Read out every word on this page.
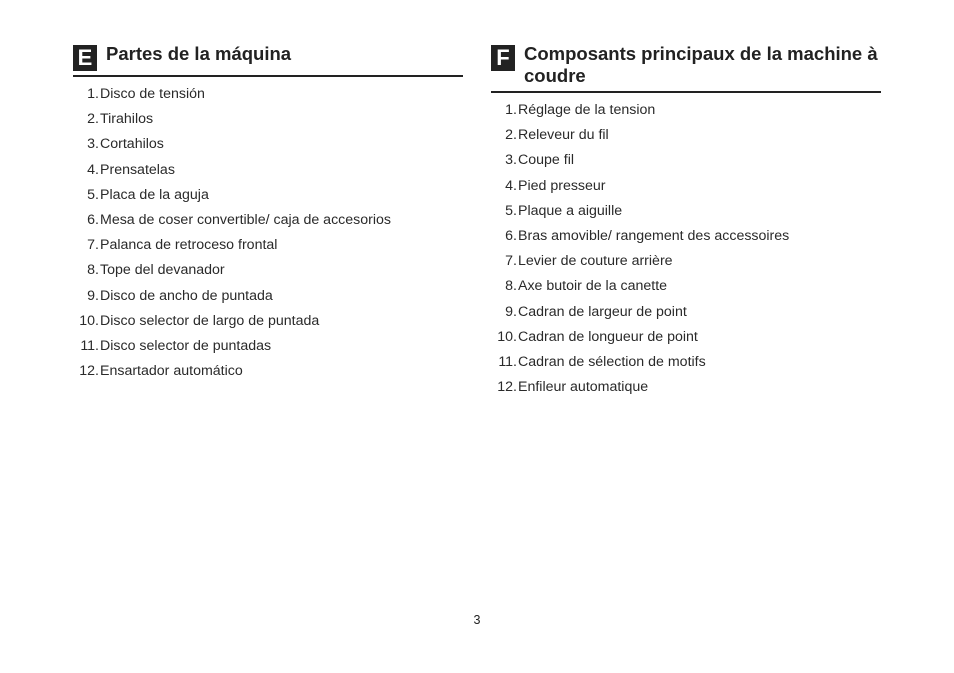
E Partes de la máquina
1. Disco de tensión
2. Tirahilos
3. Cortahilos
4. Prensatelas
5. Placa de la aguja
6. Mesa de coser convertible/ caja de accesorios
7. Palanca de retroceso frontal
8. Tope del devanador
9. Disco de ancho de puntada
10. Disco selector de largo de puntada
11. Disco selector de puntadas
12. Ensartador automático
F Composants principaux de la machine à coudre
1. Réglage de la tension
2. Releveur du fil
3. Coupe fil
4. Pied presseur
5. Plaque a aiguille
6. Bras amovible/ rangement des accessoires
7. Levier de couture arrière
8. Axe butoir de la canette
9. Cadran de largeur de point
10. Cadran de longueur de point
11. Cadran de sélection de motifs
12. Enfileur automatique
3
